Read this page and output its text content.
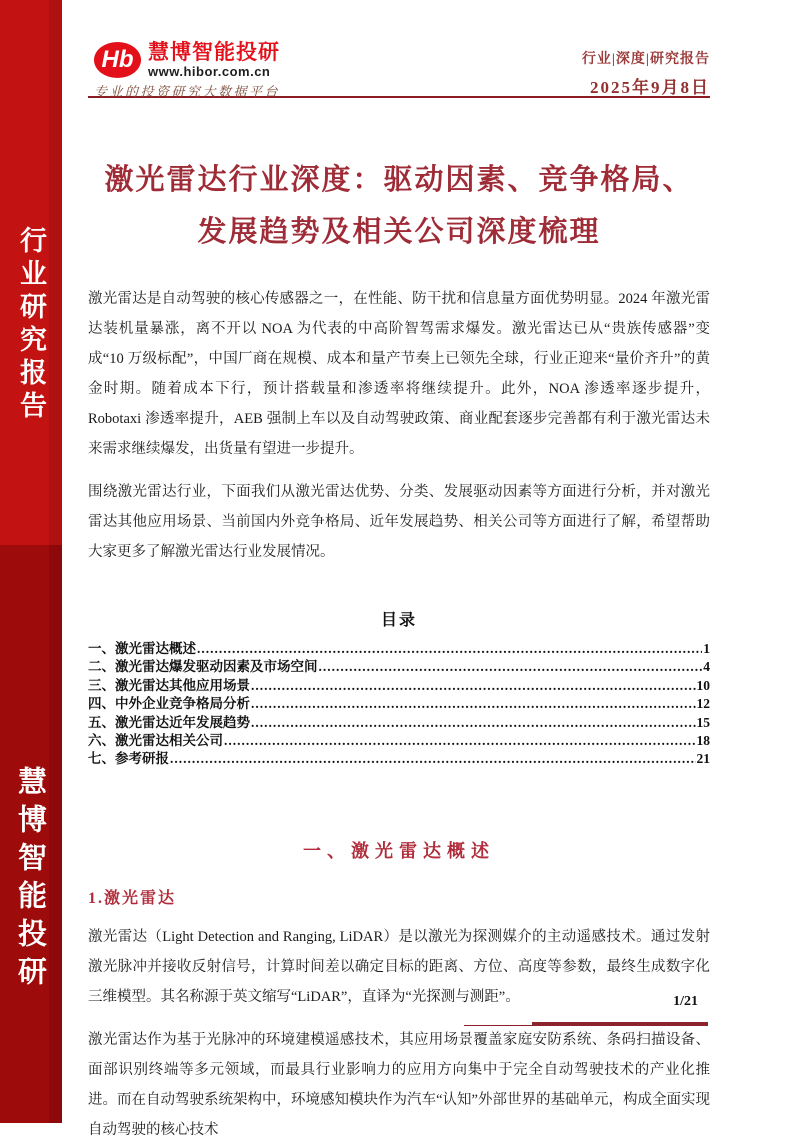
行业研究报告
慧博智能投研
Hb 慧博智能投研
www.hibor.com.cn
专业的投资研究大数据平台
行业|深度|研究报告
2025年9月8日
激光雷达行业深度：驱动因素、竞争格局、
发展趋势及相关公司深度梳理

激光雷达是自动驾驶的核心传感器之一，在性能、防干扰和信息量方面优势明显。2024 年激光雷达装机量暴涨，离不开以 NOA 为代表的中高阶智驾需求爆发。激光雷达已从“贵族传感器”变成“10 万级标配”，中国厂商在规模、成本和量产节奏上已领先全球，行业正迎来“量价齐升”的黄金时期。随着成本下行，预计搭载量和渗透率将继续提升。此外，NOA 渗透率逐步提升，Robotaxi 渗透率提升，AEB 强制上车以及自动驾驶政策、商业配套逐步完善都有利于激光雷达未来需求继续爆发，出货量有望进一步提升。

围绕激光雷达行业，下面我们从激光雷达优势、分类、发展驱动因素等方面进行分析，并对激光雷达其他应用场景、当前国内外竞争格局、近年发展趋势、相关公司等方面进行了解，希望帮助大家更多了解激光雷达行业发展情况。

目录
一、激光雷达概述 .....	1
二、激光雷达爆发驱动因素及市场空间 .....	4
三、激光雷达其他应用场景 .....	10
四、中外企业竞争格局分析 .....	12
五、激光雷达近年发展趋势 .....	15
六、激光雷达相关公司 .....	18
七、参考研报 .....	21
一、激光雷达概述
1.激光雷达

激光雷达（Light Detection and Ranging, LiDAR）是以激光为探测媒介的主动遥感技术。通过发射激光脉冲并接收反射信号，计算时间差以确定目标的距离、方位、高度等参数，最终生成数字化三维模型。其名称源于英文缩写“LiDAR”，直译为“光探测与测距”。

激光雷达作为基于光脉冲的环境建模遥感技术，其应用场景覆盖家庭安防系统、条码扫描设备、面部识别终端等多元领域，而最具行业影响力的应用方向集中于完全自动驾驶技术的产业化推进。而在自动驾驶系统架构中，环境感知模块作为汽车“认知”外部世界的基础单元，构成全面实现自动驾驶的核心技术

1/21
